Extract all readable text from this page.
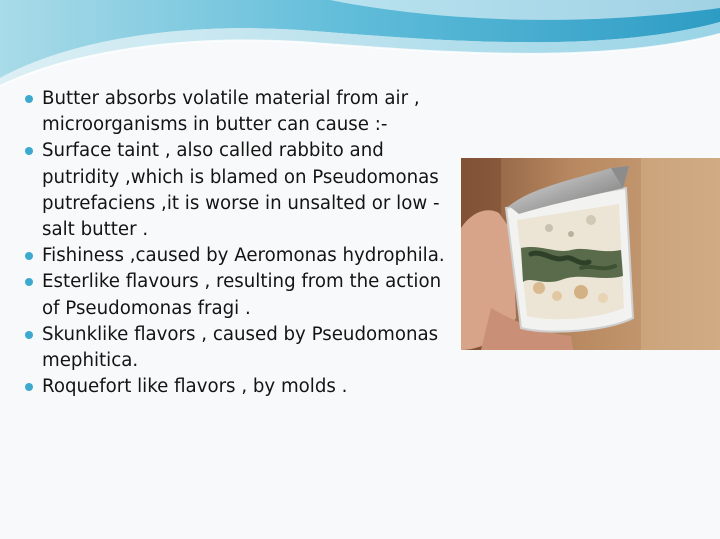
Butter absorbs volatile material from air , microorganisms in butter can cause :-
Surface taint , also called rabbito and putridity ,which is blamed on Pseudomonas putrefaciens ,it is worse in unsalted or low -salt butter .
Fishiness ,caused by Aeromonas hydrophila.
Esterlike flavours , resulting from the action of Pseudomonas fragi .
Skunklike flavors , caused by Pseudomonas mephitica.
Roquefort like flavors , by molds .
